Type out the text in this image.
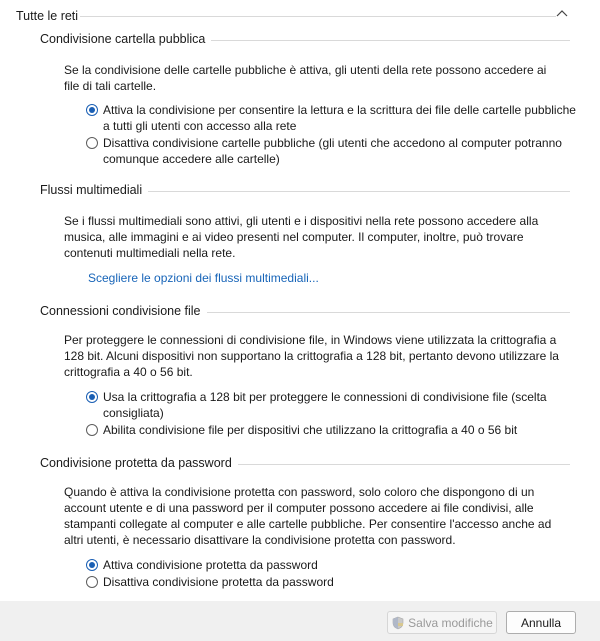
Tutte le reti
Condivisione cartella pubblica
Se la condivisione delle cartelle pubbliche è attiva, gli utenti della rete possono accedere ai file di tali cartelle.
Attiva la condivisione per consentire la lettura e la scrittura dei file delle cartelle pubbliche a tutti gli utenti con accesso alla rete
Disattiva condivisione cartelle pubbliche (gli utenti che accedono al computer potranno comunque accedere alle cartelle)
Flussi multimediali
Se i flussi multimediali sono attivi, gli utenti e i dispositivi nella rete possono accedere alla musica, alle immagini e ai video presenti nel computer. Il computer, inoltre, può trovare contenuti multimediali nella rete.
Scegliere le opzioni dei flussi multimediali...
Connessioni condivisione file
Per proteggere le connessioni di condivisione file, in Windows viene utilizzata la crittografia a 128 bit. Alcuni dispositivi non supportano la crittografia a 128 bit, pertanto devono utilizzare la crittografia a 40 o 56 bit.
Usa la crittografia a 128 bit per proteggere le connessioni di condivisione file (scelta consigliata)
Abilita condivisione file per dispositivi che utilizzano la crittografia a 40 o 56 bit
Condivisione protetta da password
Quando è attiva la condivisione protetta con password, solo coloro che dispongono di un account utente e di una password per il computer possono accedere ai file condivisi, alle stampanti collegate al computer e alle cartelle pubbliche. Per consentire l'accesso anche ad altri utenti, è necessario disattivare la condivisione protetta con password.
Attiva condivisione protetta da password
Disattiva condivisione protetta da password
Salva modifiche Annulla
